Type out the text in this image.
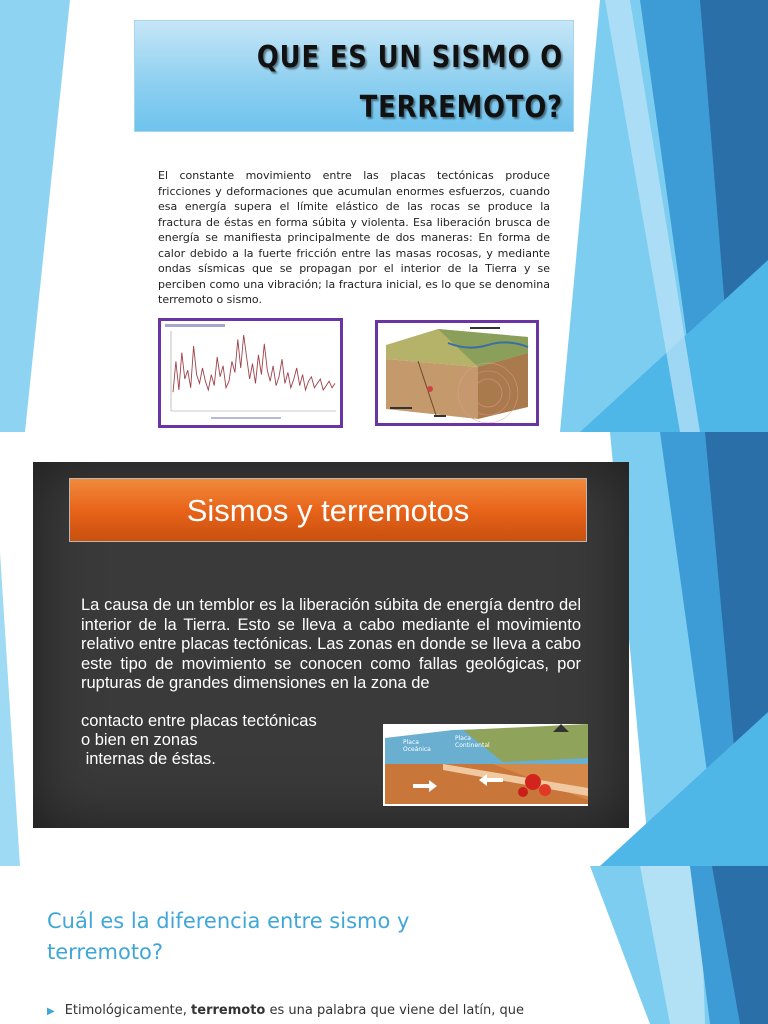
QUE ES UN SISMO O TERREMOTO?
El constante movimiento entre las placas tectónicas produce fricciones y deformaciones que acumulan enormes esfuerzos, cuando esa energía supera el límite elástico de las rocas se produce la fractura de éstas en forma súbita y violenta. Esa liberación brusca de energía se manifiesta principalmente de dos maneras: En forma de calor debido a la fuerte fricción entre las masas rocosas, y mediante ondas sísmicas que se propagan por el interior de la Tierra y se perciben como una vibración; la fractura inicial, es lo que se denomina terremoto o sismo.
Sismos y terremotos
La causa de un temblor es la liberación súbita de energía dentro del interior de la Tierra. Esto se lleva a cabo mediante el movimiento relativo entre placas tectónicas. Las zonas en donde se lleva a cabo este tipo de movimiento se conocen como fallas geológicas, por rupturas de grandes dimensiones en la zona de
contacto entre placas tectónicas
o bien en zonas
internas de éstas.
Placa
Oceánica
Placa
Continental
Cuál es la diferencia entre sismo y terremoto?
▶ Etimológicamente, terremoto es una palabra que viene del latín, que
